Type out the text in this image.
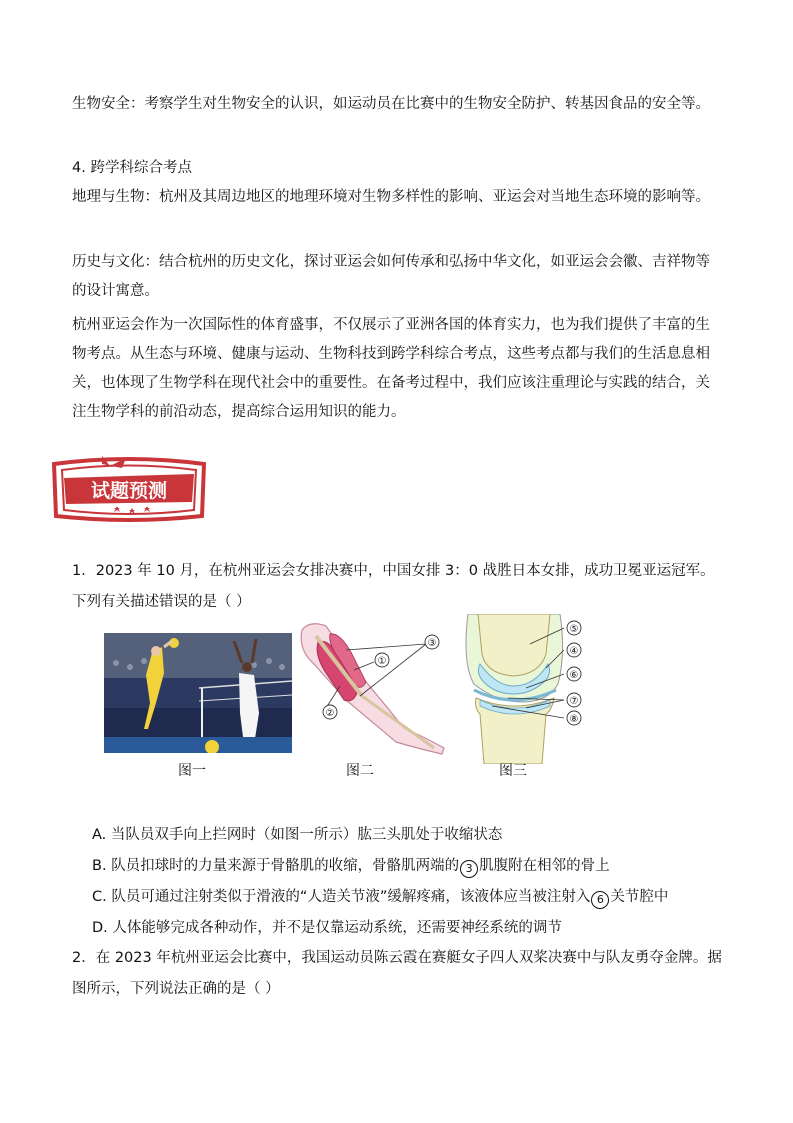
生物安全：考察学生对生物安全的认识，如运动员在比赛中的生物安全防护、转基因食品的安全等。

4. 跨学科综合考点

地理与生物：杭州及其周边地区的地理环境对生物多样性的影响、亚运会对当地生态环境的影响等。

历史与文化：结合杭州的历史文化，探讨亚运会如何传承和弘扬中华文化，如亚运会会徽、吉祥物等的设计寓意。

杭州亚运会作为一次国际性的体育盛事，不仅展示了亚洲各国的体育实力，也为我们提供了丰富的生物考点。从生态与环境、健康与运动、生物科技到跨学科综合考点，这些考点都与我们的生活息息相关，也体现了生物学科在现代社会中的重要性。在备考过程中，我们应该注重理论与实践的结合，关注生物学科的前沿动态，提高综合运用知识的能力。

试题预测

1．2023 年 10 月，在杭州亚运会女排决赛中，中国女排 3：0 战胜日本女排，成功卫冕亚运冠军。下列有关描述错误的是（ ）

①
②
③
⑤
④
⑥
⑦
⑧
图一	图二	图三

A. 当队员双手向上拦网时（如图一所示）肱三头肌处于收缩状态

B. 队员扣球时的力量来源于骨骼肌的收缩，骨骼肌两端的 3 肌腹附在相邻的骨上

C. 队员可通过注射类似于滑液的“人造关节液”缓解疼痛，该液体应当被注射入 6 关节腔中

D. 人体能够完成各种动作，并不是仅靠运动系统，还需要神经系统的调节

2．在 2023 年杭州亚运会比赛中，我国运动员陈云霞在赛艇女子四人双桨决赛中与队友勇夺金牌。据图所示，下列说法正确的是（ ）
